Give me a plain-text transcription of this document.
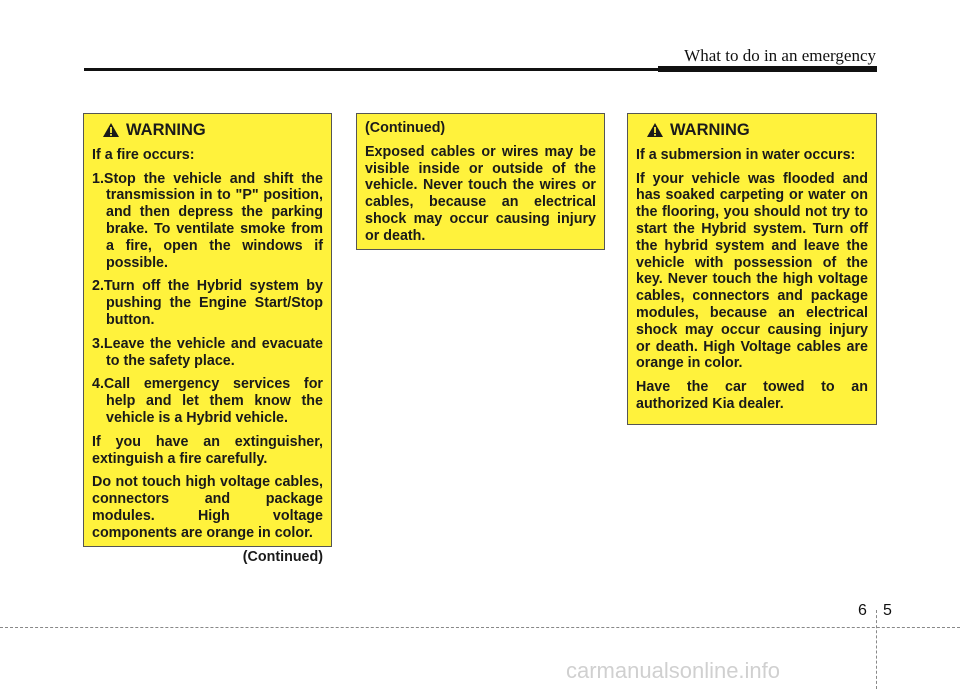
What to do in an emergency
WARNING

If a fire occurs:

1.Stop the vehicle and shift the transmission in to "P" position, and then depress the parking brake. To ventilate smoke from a fire, open the windows if possible.
2.Turn off the Hybrid system by pushing the Engine Start/Stop button.
3.Leave the vehicle and evacuate to the safety place.
4.Call emergency services for help and let them know the vehicle is a Hybrid vehicle.

If you have an extinguisher, extinguish a fire carefully.

Do not touch high voltage cables, connectors and package modules. High voltage components are orange in color.

(Continued)

(Continued)

Exposed cables or wires may be visible inside or outside of the vehicle. Never touch the wires or cables, because an electrical shock may occur causing injury or death.

WARNING

If a submersion in water occurs:

If your vehicle was flooded and has soaked carpeting or water on the flooring, you should not try to start the Hybrid system. Turn off the hybrid system and leave the vehicle with possession of the key. Never touch the high voltage cables, connectors and package modules, because an electrical shock may occur causing injury or death. High Voltage cables are orange in color.

Have the car towed to an authorized Kia dealer.

6 5
carmanualsonline.info
